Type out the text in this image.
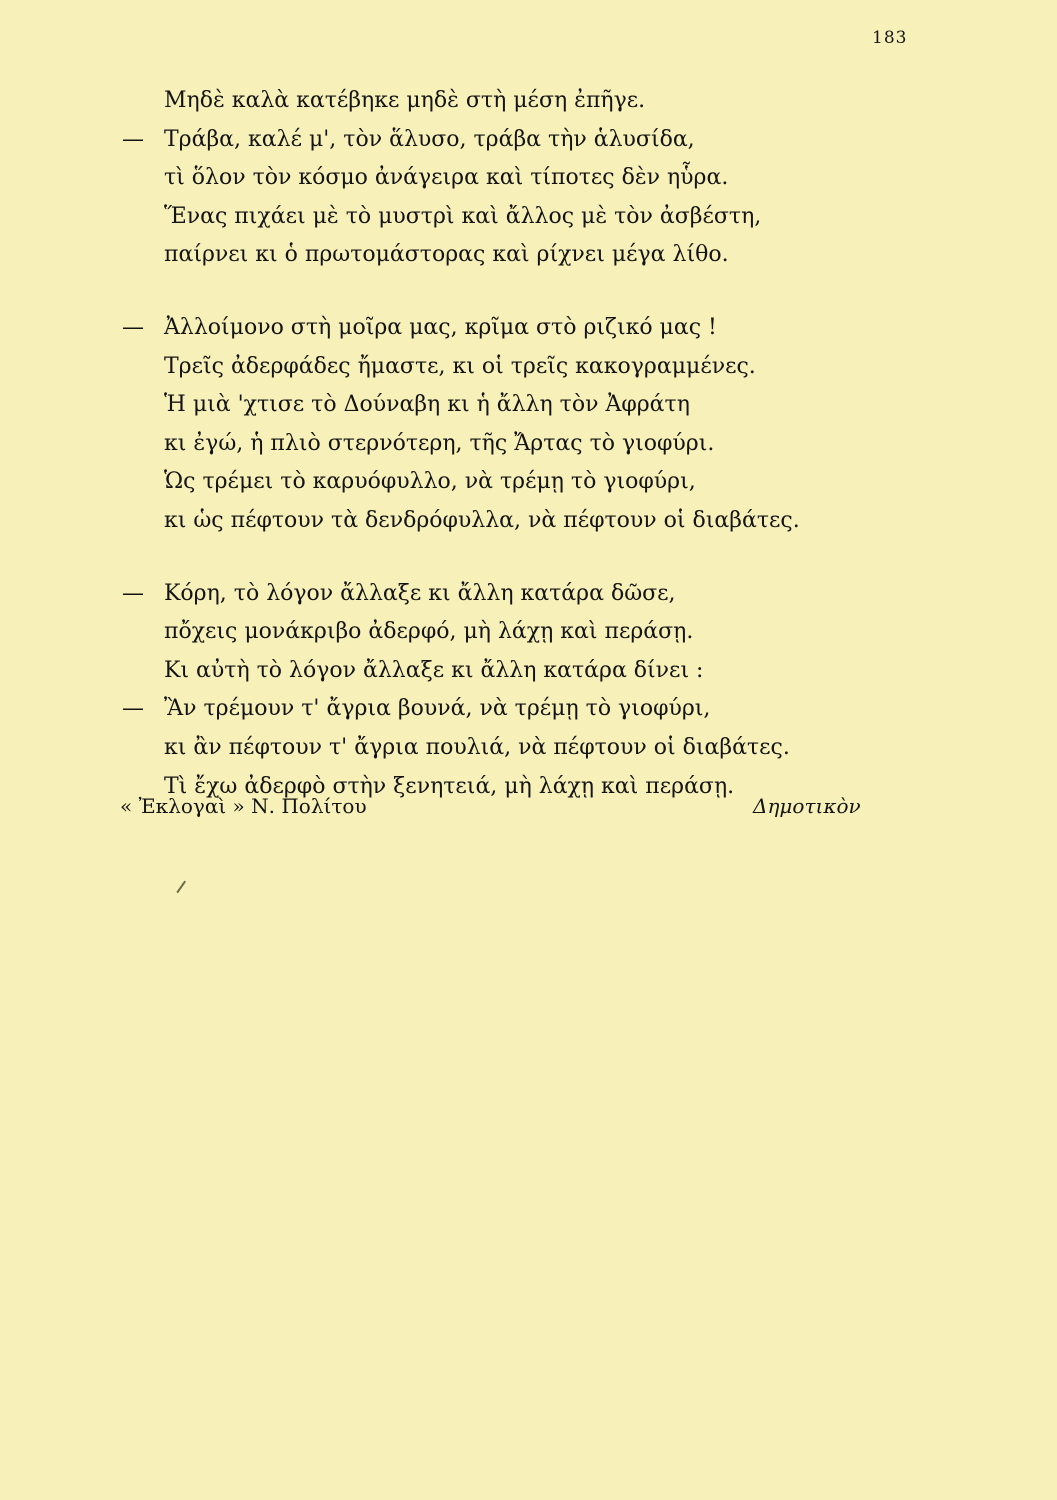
183
Μηδὲ καλὰ κατέβηκε μηδὲ στὴ μέση ἐπῆγε.
— Τράβα, καλέ μ', τὸν ἅλυσο, τράβα τὴν ἁλυσίδα,
τὶ ὅλον τὸν κόσμο ἀνάγειρα καὶ τίποτες δὲν ηὗρα.
Ἕνας πιχάει μὲ τὸ μυστρὶ καὶ ἄλλος μὲ τὸν ἀσβέστη,
παίρνει κι ὁ πρωτομάστορας καὶ ρίχνει μέγα λίθο.
— Ἀλλοίμονο στὴ μοῖρα μας, κρῖμα στὸ ριζικό μας !
Τρεῖς ἀδερφάδες ἤμαστε, κι οἱ τρεῖς κακογραμμένες.
Ἡ μιὰ 'χτισε τὸ Δούναβη κι ἡ ἄλλη τὸν Ἀφράτη
κι ἐγώ, ἡ πλιὸ στερνότερη, τῆς Ἄρτας τὸ γιοφύρι.
Ὡς τρέμει τὸ καρυόφυλλο, νὰ τρέμῃ τὸ γιοφύρι,
κι ὡς πέφτουν τὰ δενδρόφυλλα, νὰ πέφτουν οἱ διαβάτες.
— Κόρη, τὸ λόγον ἄλλαξε κι ἄλλη κατάρα δῶσε,
πὄχεις μονάκριβο ἀδερφό, μὴ λάχῃ καὶ περάσῃ.
Κι αὐτὴ τὸ λόγον ἄλλαξε κι ἄλλη κατάρα δίνει :
— Ἂν τρέμουν τ' ἄγρια βουνά, νὰ τρέμῃ τὸ γιοφύρι,
κι ἂν πέφτουν τ' ἄγρια πουλιά, νὰ πέφτουν οἱ διαβάτες.
Τὶ ἔχω ἀδερφὸ στὴν ξενητειά, μὴ λάχῃ καὶ περάσῃ.
« Ἐκλογαὶ » Ν. Πολίτου	Δημοτικὸν
